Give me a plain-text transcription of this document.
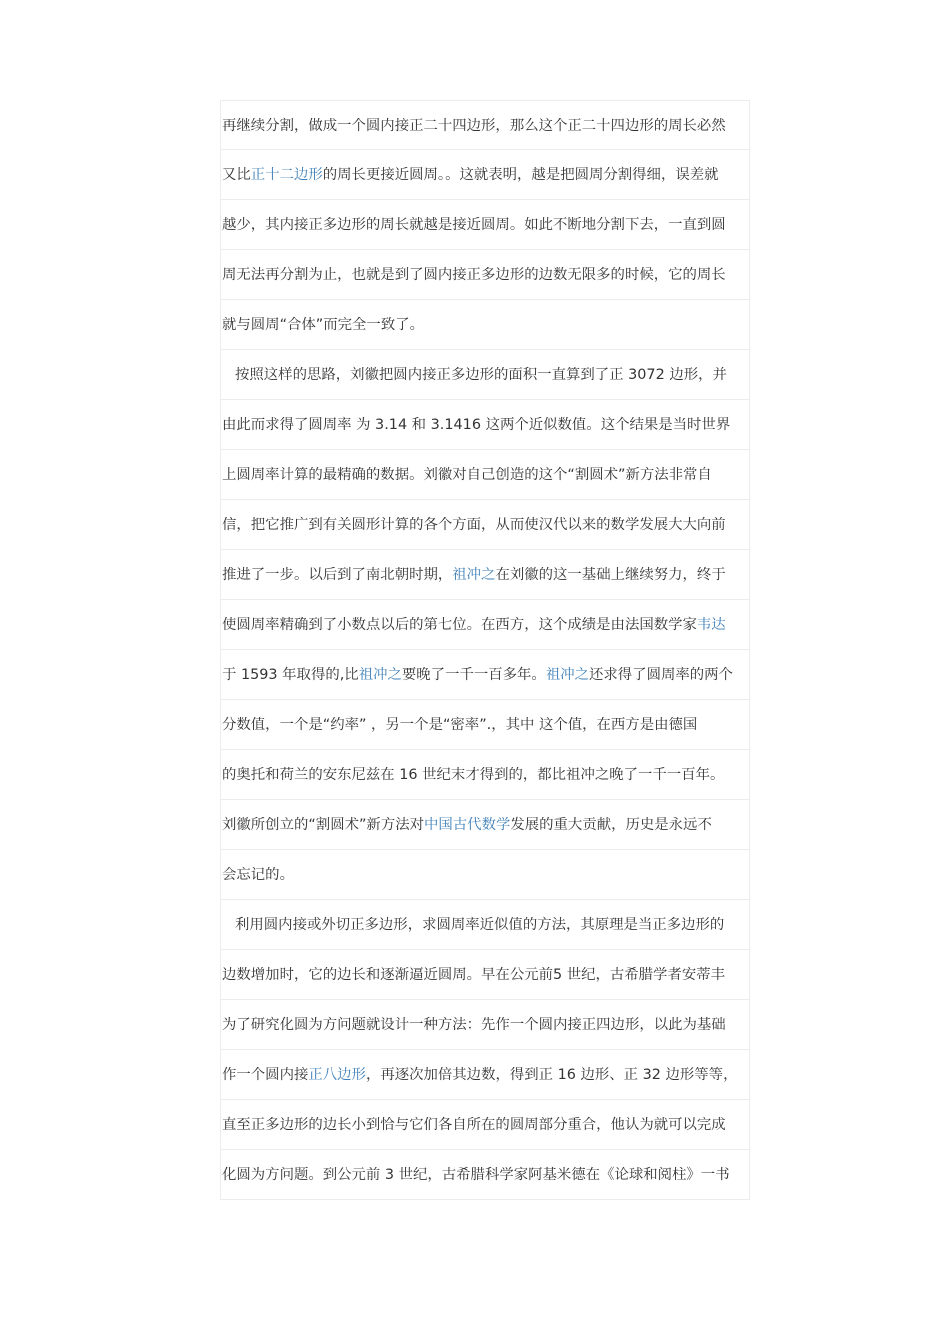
再继续分割，做成一个圆内接正二十四边形，那么这个正二十四边形的周长必然
又比正十二边形的周长更接近圆周。。这就表明，越是把圆周分割得细，误差就
越少，其内接正多边形的周长就越是接近圆周。如此不断地分割下去，一直到圆
周无法再分割为止，也就是到了圆内接正多边形的边数无限多的时候，它的周长
就与圆周“合体”而完全一致了。
按照这样的思路，刘徽把圆内接正多边形的面积一直算到了正 3072 边形，并
由此而求得了圆周率 为 3.14 和 3.1416 这两个近似数值。这个结果是当时世界
上圆周率计算的最精确的数据。刘徽对自己创造的这个“割圆术”新方法非常自
信，把它推广到有关圆形计算的各个方面，从而使汉代以来的数学发展大大向前
推进了一步。以后到了南北朝时期，祖冲之在刘徽的这一基础上继续努力，终于
使圆周率精确到了小数点以后的第七位。在西方，这个成绩是由法国数学家韦达
于 1593 年取得的,比祖冲之要晚了一千一百多年。祖冲之还求得了圆周率的两个
分数值，一个是“约率” ，另一个是“密率”.，其中 这个值，在西方是由德国
的奥托和荷兰的安东尼兹在 16 世纪末才得到的，都比祖冲之晚了一千一百年。
刘徽所创立的“割圆术”新方法对中国古代数学发展的重大贡献，历史是永远不
会忘记的。
利用圆内接或外切正多边形，求圆周率近似值的方法，其原理是当正多边形的
边数增加时，它的边长和逐渐逼近圆周。早在公元前5 世纪，古希腊学者安蒂丰
为了研究化圆为方问题就设计一种方法：先作一个圆内接正四边形，以此为基础
作一个圆内接正八边形，再逐次加倍其边数，得到正 16 边形、正 32 边形等等，
直至正多边形的边长小到恰与它们各自所在的圆周部分重合，他认为就可以完成
化圆为方问题。到公元前 3 世纪，古希腊科学家阿基米德在《论球和阅柱》一书
